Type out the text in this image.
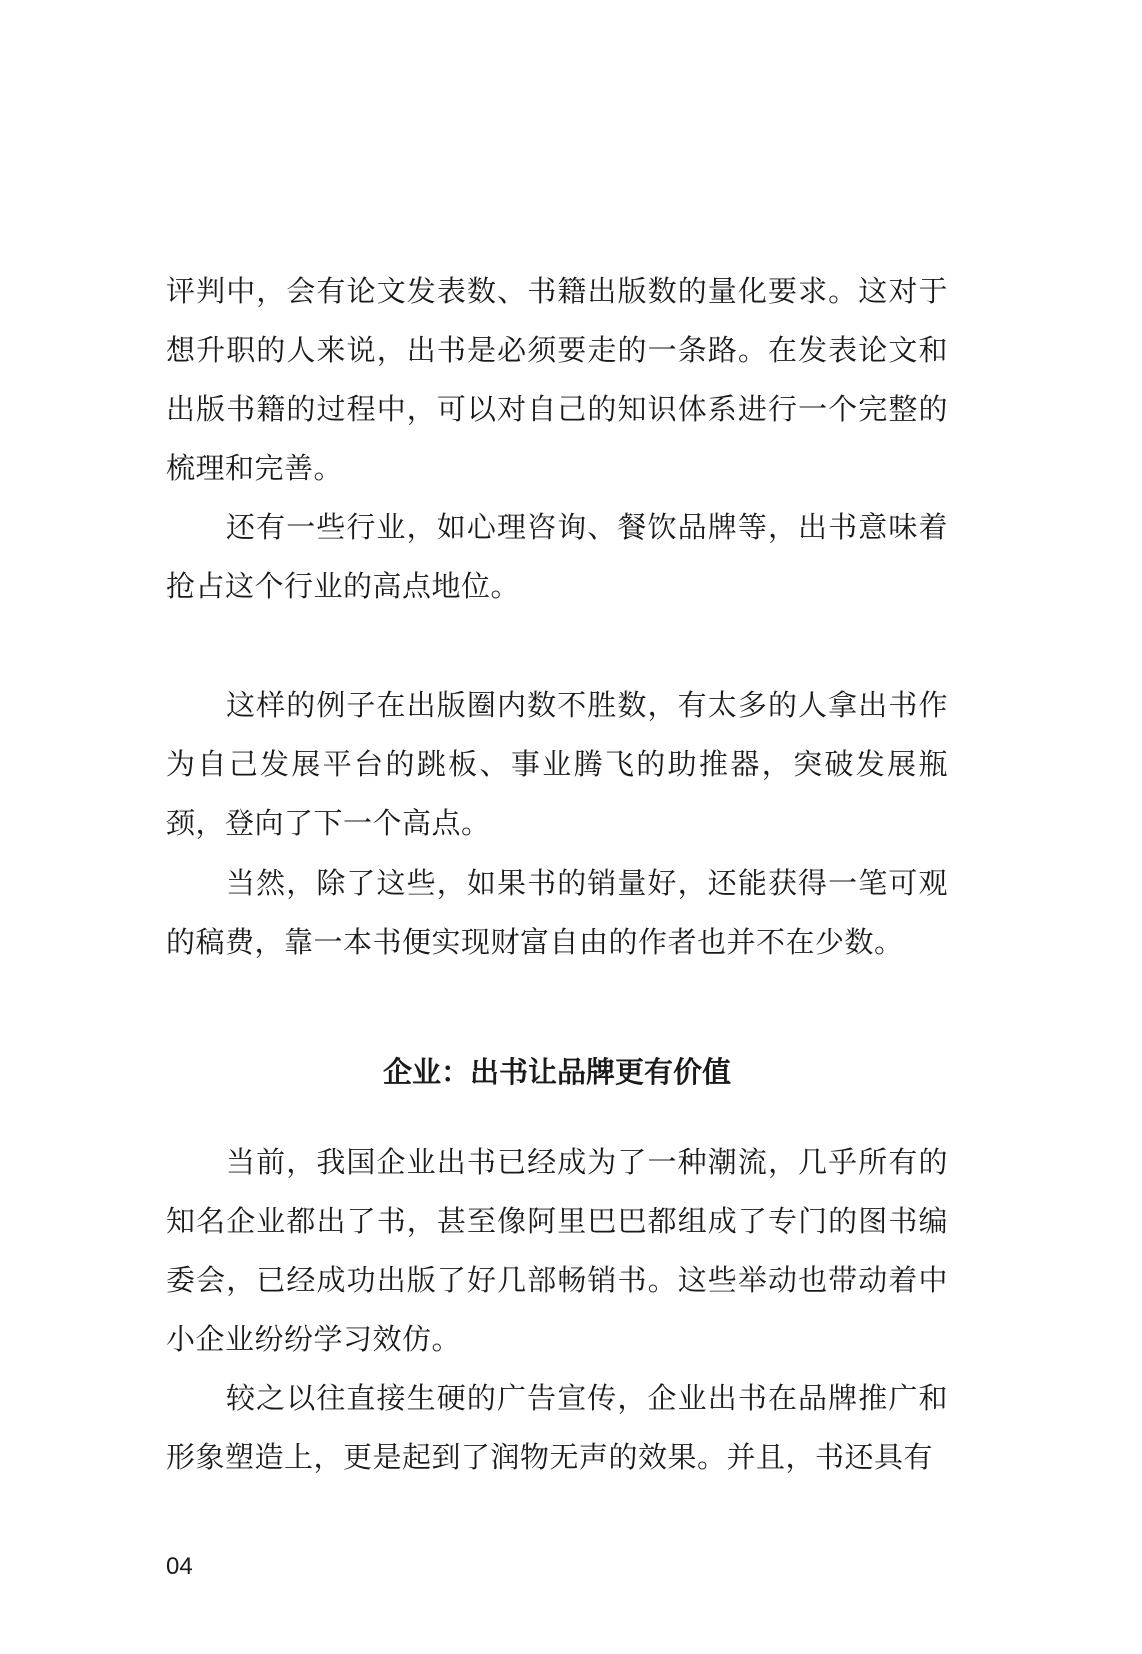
评判中，会有论文发表数、书籍出版数的量化要求。这对于想升职的人来说，出书是必须要走的一条路。在发表论文和出版书籍的过程中，可以对自己的知识体系进行一个完整的梳理和完善。

还有一些行业，如心理咨询、餐饮品牌等，出书意味着抢占这个行业的高点地位。

这样的例子在出版圈内数不胜数，有太多的人拿出书作为自己发展平台的跳板、事业腾飞的助推器，突破发展瓶颈，登向了下一个高点。

当然，除了这些，如果书的销量好，还能获得一笔可观的稿费，靠一本书便实现财富自由的作者也并不在少数。

企业：出书让品牌更有价值

当前，我国企业出书已经成为了一种潮流，几乎所有的知名企业都出了书，甚至像阿里巴巴都组成了专门的图书编委会，已经成功出版了好几部畅销书。这些举动也带动着中小企业纷纷学习效仿。

较之以往直接生硬的广告宣传，企业出书在品牌推广和形象塑造上，更是起到了润物无声的效果。并且，书还具有

04
